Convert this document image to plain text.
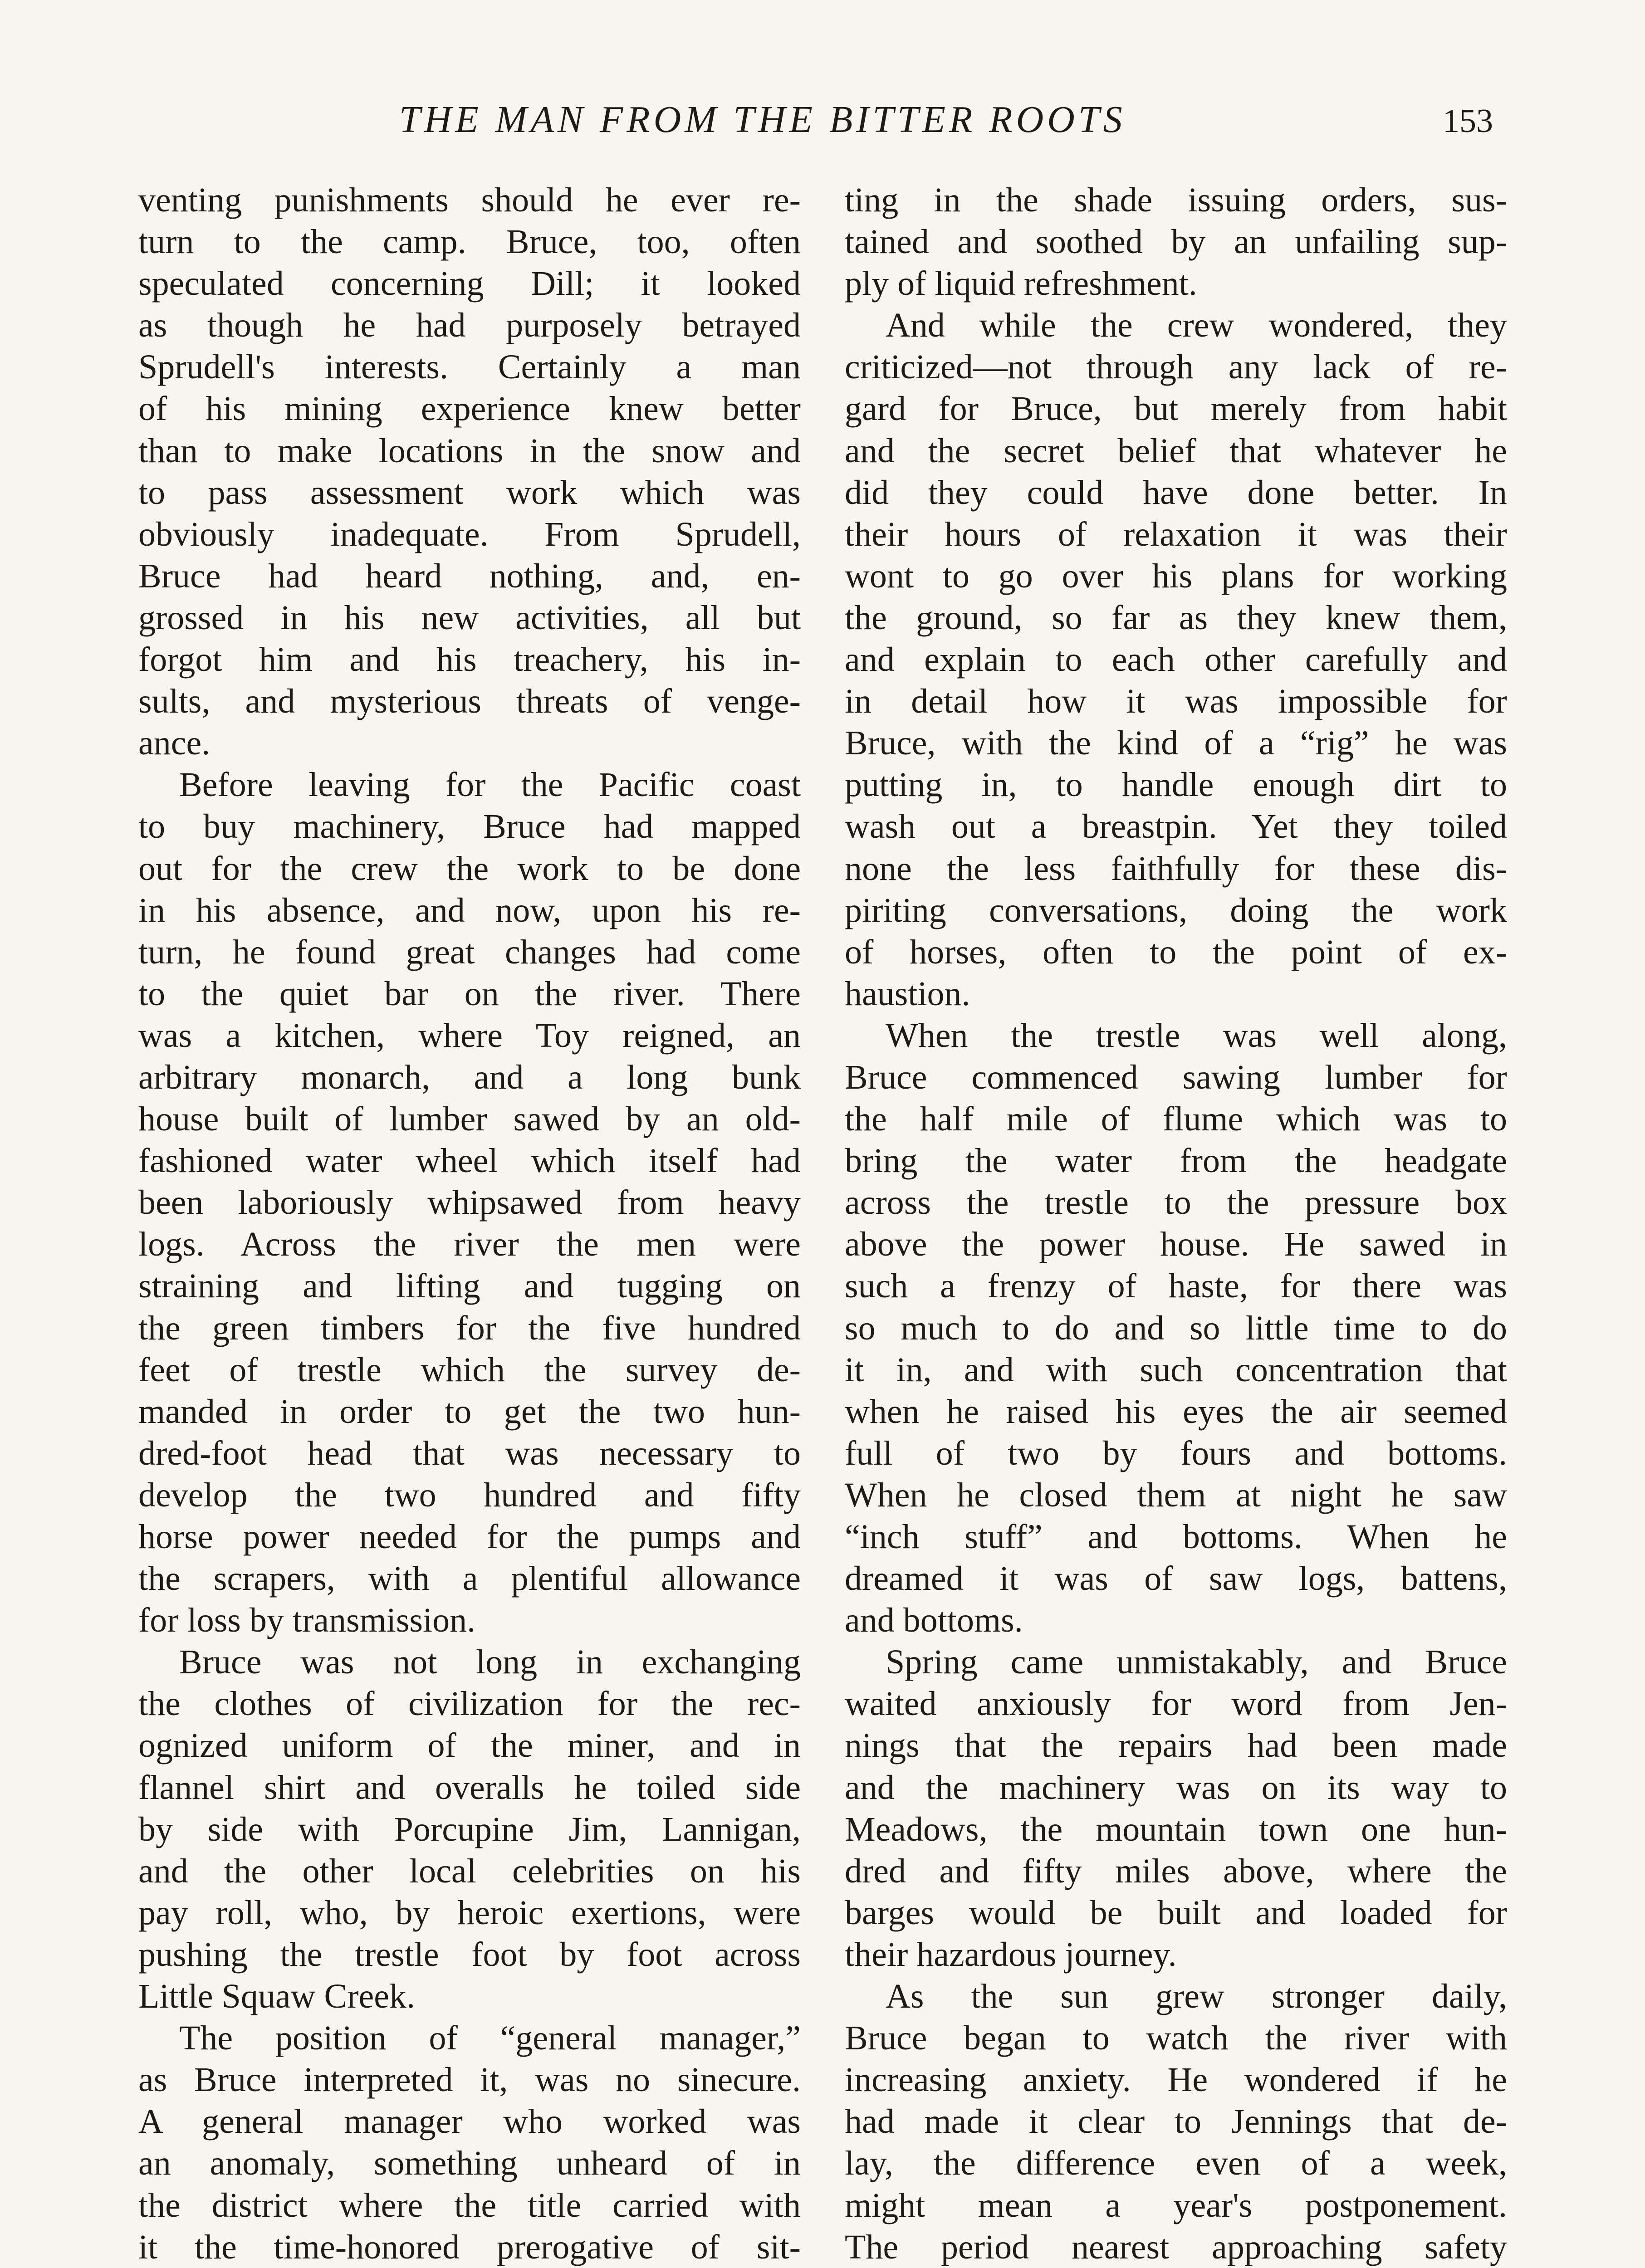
THE MAN FROM THE BITTER ROOTS	153
venting punishments should he ever re-
turn to the camp. Bruce, too, often
speculated concerning Dill; it looked
as though he had purposely betrayed
Sprudell's interests. Certainly a man
of his mining experience knew better
than to make locations in the snow and
to pass assessment work which was
obviously inadequate. From Sprudell,
Bruce had heard nothing, and, en-
grossed in his new activities, all but
forgot him and his treachery, his in-
sults, and mysterious threats of venge-
ance.
Before leaving for the Pacific coast
to buy machinery, Bruce had mapped
out for the crew the work to be done
in his absence, and now, upon his re-
turn, he found great changes had come
to the quiet bar on the river. There
was a kitchen, where Toy reigned, an
arbitrary monarch, and a long bunk
house built of lumber sawed by an old-
fashioned water wheel which itself had
been laboriously whipsawed from heavy
logs. Across the river the men were
straining and lifting and tugging on
the green timbers for the five hundred
feet of trestle which the survey de-
manded in order to get the two hun-
dred-foot head that was necessary to
develop the two hundred and fifty
horse power needed for the pumps and
the scrapers, with a plentiful allowance
for loss by transmission.
Bruce was not long in exchanging
the clothes of civilization for the rec-
ognized uniform of the miner, and in
flannel shirt and overalls he toiled side
by side with Porcupine Jim, Lannigan,
and the other local celebrities on his
pay roll, who, by heroic exertions, were
pushing the trestle foot by foot across
Little Squaw Creek.
The position of “general manager,”
as Bruce interpreted it, was no sinecure.
A general manager who worked was
an anomaly, something unheard of in
the district where the title carried with
it the time-honored prerogative of sit-
ting in the shade issuing orders, sus-
tained and soothed by an unfailing sup-
ply of liquid refreshment.
And while the crew wondered, they
criticized—not through any lack of re-
gard for Bruce, but merely from habit
and the secret belief that whatever he
did they could have done better. In
their hours of relaxation it was their
wont to go over his plans for working
the ground, so far as they knew them,
and explain to each other carefully and
in detail how it was impossible for
Bruce, with the kind of a “rig” he was
putting in, to handle enough dirt to
wash out a breastpin. Yet they toiled
none the less faithfully for these dis-
piriting conversations, doing the work
of horses, often to the point of ex-
haustion.
When the trestle was well along,
Bruce commenced sawing lumber for
the half mile of flume which was to
bring the water from the headgate
across the trestle to the pressure box
above the power house. He sawed in
such a frenzy of haste, for there was
so much to do and so little time to do
it in, and with such concentration that
when he raised his eyes the air seemed
full of two by fours and bottoms.
When he closed them at night he saw
“inch stuff” and bottoms. When he
dreamed it was of saw logs, battens,
and bottoms.
Spring came unmistakably, and Bruce
waited anxiously for word from Jen-
nings that the repairs had been made
and the machinery was on its way to
Meadows, the mountain town one hun-
dred and fifty miles above, where the
barges would be built and loaded for
their hazardous journey.
As the sun grew stronger daily,
Bruce began to watch the river with
increasing anxiety. He wondered if he
had made it clear to Jennings that de-
lay, the difference even of a week,
might mean a year's postponement.
The period nearest approaching safety
